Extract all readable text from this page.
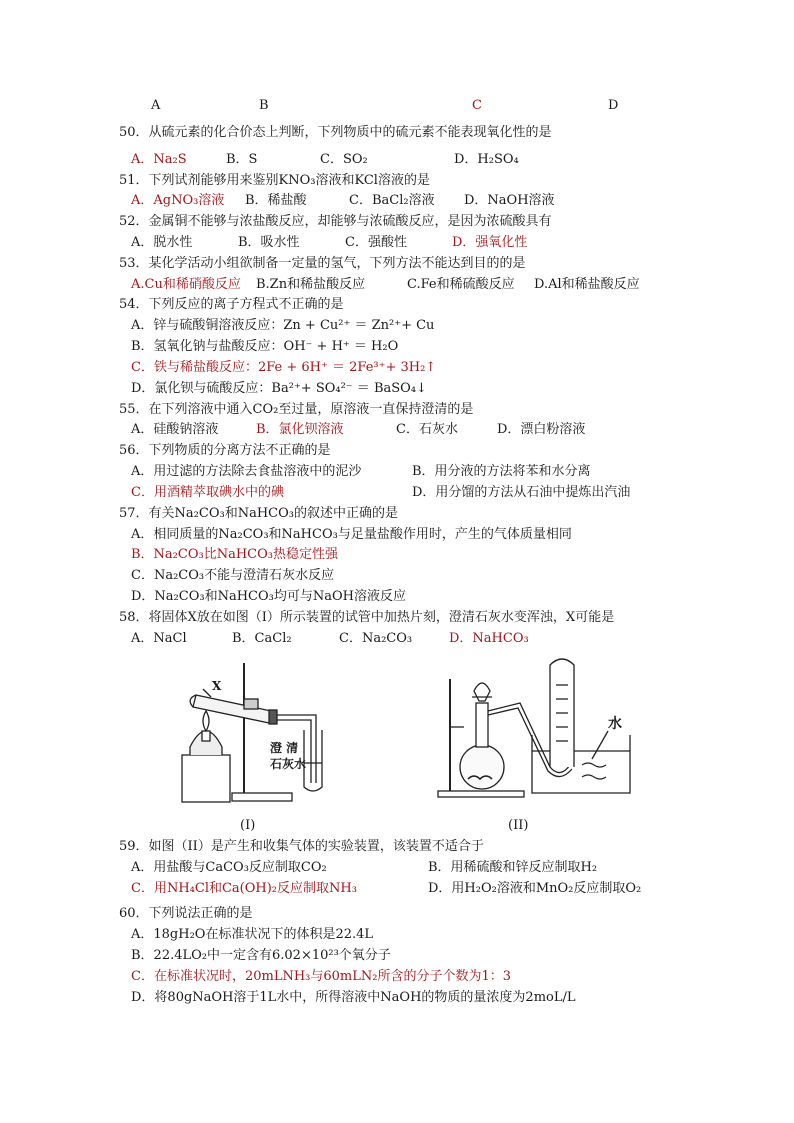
A	B	C	D
50．从硫元素的化合价态上判断，下列物质中的硫元素不能表现氧化性的是
A．Na₂S	B．S	C．SO₂	D．H₂SO₄
51．下列试剂能够用来鉴别KNO₃溶液和KCl溶液的是
A．AgNO₃溶液 B．稀盐酸	C．BaCl₂溶液 D．NaOH溶液
52．金属铜不能够与浓盐酸反应，却能够与浓硫酸反应，是因为浓硫酸具有
A．脱水性	B．吸水性	C．强酸性	D．强氧化性
53．某化学活动小组欲制备一定量的氢气，下列方法不能达到目的的是
A.Cu和稀硝酸反应 B.Zn和稀盐酸反应	C.Fe和稀硫酸反应 D.Al和稀盐酸反应
54．下列反应的离子方程式不正确的是
A．锌与硫酸铜溶液反应：Zn + Cu²⁺ ＝ Zn²⁺+ Cu
B．氢氧化钠与盐酸反应：OH⁻ + H⁺ ＝ H₂O
C．铁与稀盐酸反应：2Fe + 6H⁺ ＝ 2Fe³⁺+ 3H₂↑
D．氯化钡与硫酸反应：Ba²⁺+ SO₄²⁻ ＝ BaSO₄↓
55．在下列溶液中通入CO₂至过量，原溶液一直保持澄清的是
A．硅酸钠溶液	B．氯化钡溶液	C．石灰水	D．漂白粉溶液
56．下列物质的分离方法不正确的是
A．用过滤的方法除去食盐溶液中的泥沙	B．用分液的方法将苯和水分离
C．用酒精萃取碘水中的碘	D．用分馏的方法从石油中提炼出汽油
57．有关Na₂CO₃和NaHCO₃的叙述中正确的是
A．相同质量的Na₂CO₃和NaHCO₃与足量盐酸作用时，产生的气体质量相同
B．Na₂CO₃比NaHCO₃热稳定性强
C．Na₂CO₃不能与澄清石灰水反应
D．Na₂CO₃和NaHCO₃均可与NaOH溶液反应
58．将固体X放在如图（I）所示装置的试管中加热片刻，澄清石灰水变浑浊，X可能是
A．NaCl	B．CaCl₂	C．Na₂CO₃	D．NaHCO₃
X
澄 清
石灰水
(I)
水
(II)
59．如图（II）是产生和收集气体的实验装置，该装置不适合于
A．用盐酸与CaCO₃反应制取CO₂	B．用稀硫酸和锌反应制取H₂
C．用NH₄Cl和Ca(OH)₂反应制取NH₃	D．用H₂O₂溶液和MnO₂反应制取O₂
60．下列说法正确的是
A．18gH₂O在标准状况下的体积是22.4L
B．22.4LO₂中一定含有6.02×10²³个氧分子
C．在标准状况时，20mLNH₃与60mLN₂所含的分子个数为1：3
D．将80gNaOH溶于1L水中，所得溶液中NaOH的物质的量浓度为2moL/L
